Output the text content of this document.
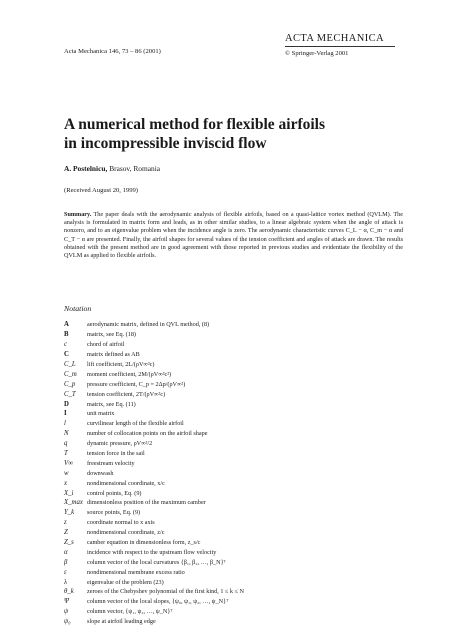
Acta Mechanica 146, 73 – 86 (2001)
ACTA MECHANICA
© Springer-Verlag 2001
A numerical method for flexible airfoils
in incompressible inviscid flow
A. Postelnicu, Brasov, Romania
(Received August 20, 1999)
Summary. The paper deals with the aerodynamic analysis of flexible airfoils, based on a quasi-lattice vortex method (QVLM). The analysis is formulated in matrix form and leads, as in other similar studies, to a linear algebraic system when the angle of attack is nonzero, and to an eigenvalue problem when the incidence angle is zero. The aerodynamic characteristic curves C_L − α, C_m − α and C_T − α are presented. Finally, the airfoil shapes for several values of the tension coefficient and angles of attack are drawn. The results obtained with the present method are in good agreement with those reported in previous studies and evidentiate the flexibility of the QVLM as applied to flexible airfoils.
Notation
A	aerodynamic matrix, defined in QVL method, (8)
B	matrix, see Eq. (18)
c	chord of airfoil
C	matrix defined as AB
C_L	lift coefficient, 2L/(ρV∞²c)
C_m	moment coefficient, 2M/(ρV∞²c²)
C_p	pressure coefficient, C_p = 2Δp/(ρV∞²)
C_T	tension coefficient, 2T/(ρV∞²c)
D	matrix, see Eq. (11)
I	unit matrix
l	curvilinear length of the flexible airfoil
N	number of collocation points on the airfoil shape
q	dynamic pressure, ρV∞²/2
T	tension force in the sail
V∞	freestream velocity
w	downwash
x	nondimensional coordinate, x/c
X_i	control points, Eq. (9)
X_max dimensionless position of the maximum camber
Y_k	source points, Eq. (9)
z	coordinate normal to x axis
Z	nondimensional coordinate, z/c
Z_s	camber equation in dimensionless form, z_s/c
α	incidence with respect to the upstream flow velocity
β	column vector of the local curvatures {β₁, β₂, …, β_N}ᵀ
ε	nondimensional membrane excess ratio
λ	eigenvalue of the problem (23)
θ_k	zeroes of the Chebyshev polynomial of the first kind, 1 ≤ k ≤ N
Ψ	column vector of the local slopes, {ψ₀, ψ₁, ψ₂, …, ψ_N}ᵀ
ψ	column vector, {ψ₁, ψ₂, …, ψ_N}ᵀ
ψ₀	slope at airfoil leading edge
